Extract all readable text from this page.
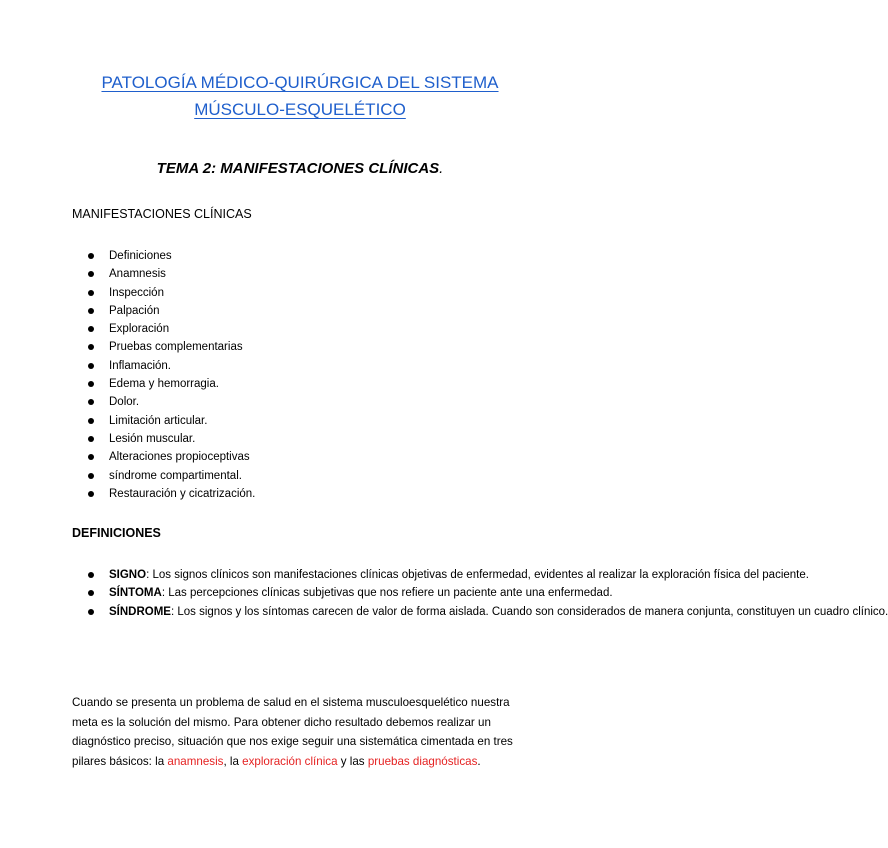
PATOLOGÍA MÉDICO-QUIRÚRGICA DEL SISTEMA
MÚSCULO-ESQUELÉTICO
TEMA 2: MANIFESTACIONES CLÍNICAS.
MANIFESTACIONES CLÍNICAS
Definiciones
Anamnesis
Inspección
Palpación
Exploración
Pruebas complementarias
Inflamación.
Edema y hemorragia.
Dolor.
Limitación articular.
Lesión muscular.
Alteraciones propioceptivas
síndrome compartimental.
Restauración y cicatrización.
DEFINICIONES
SIGNO: Los signos clínicos son manifestaciones clínicas objetivas de enfermedad, evidentes al realizar la exploración física del paciente.
SÍNTOMA: Las percepciones clínicas subjetivas que nos refiere un paciente ante una enfermedad.
SÍNDROME: Los signos y los síntomas carecen de valor de forma aislada. Cuando son considerados de manera conjunta, constituyen un cuadro clínico.
Cuando se presenta un problema de salud en el sistema musculoesquelético nuestra meta es la solución del mismo. Para obtener dicho resultado debemos realizar un diagnóstico preciso, situación que nos exige seguir una sistemática cimentada en tres pilares básicos: la anamnesis, la exploración clínica y las pruebas diagnósticas.
